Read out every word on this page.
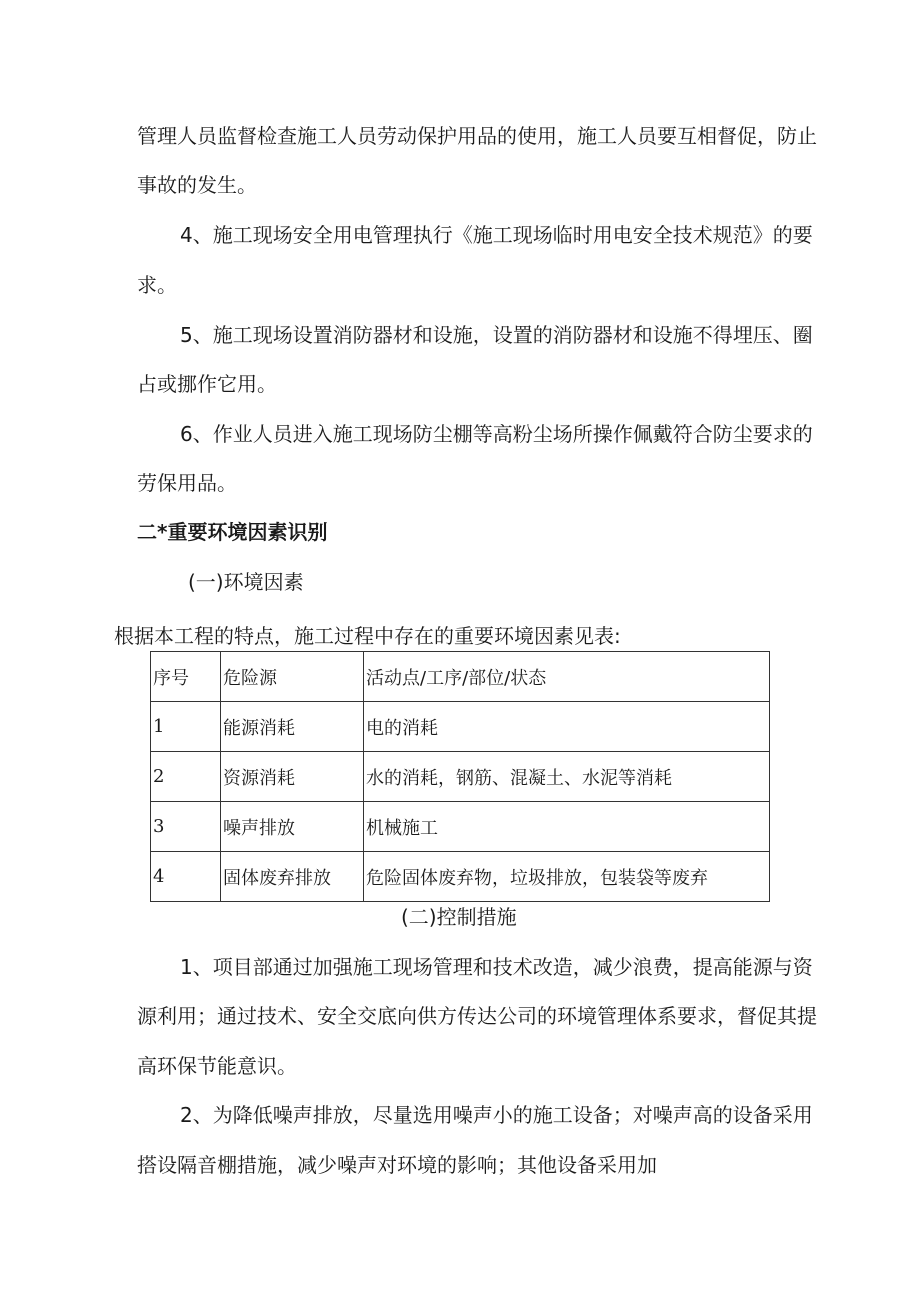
管理人员监督检查施工人员劳动保护用品的使用，施工人员要互相督促，防止
事故的发生。
4、施工现场安全用电管理执行《施工现场临时用电安全技术规范》的要
求。
5、施工现场设置消防器材和设施，设置的消防器材和设施不得埋压、圈
占或挪作它用。
6、作业人员进入施工现场防尘棚等高粉尘场所操作佩戴符合防尘要求的
劳保用品。
二*重要环境因素识别
(一)环境因素
根据本工程的特点，施工过程中存在的重要环境因素见表:
序号	危险源	活动点/工序/部位/状态
1	能源消耗	电的消耗
2	资源消耗	水的消耗，钢筋、混凝土、水泥等消耗
3	噪声排放	机械施工
4	固体废弃排放	危险固体废弃物，垃圾排放，包装袋等废弃
(二)控制措施
1、项目部通过加强施工现场管理和技术改造，减少浪费，提高能源与资
源利用；通过技术、安全交底向供方传达公司的环境管理体系要求，督促其提
高环保节能意识。
2、为降低噪声排放，尽量选用噪声小的施工设备；对噪声高的设备采用
搭设隔音棚措施，减少噪声对环境的影响；其他设备采用加
